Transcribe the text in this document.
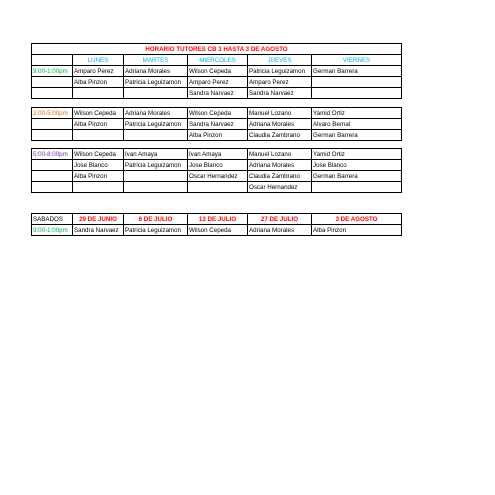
HORARIO TUTORES CB 3 HASTA 3 DE AGOSTO					
	LUNES	MARTES	MIERCOLES	JUEVES	VIERNES
9:00-1:00pm	Amparo Perez	Adriana Morales	Wilson Cepeda	Patricia Leguizamon	German Barrera
	Alba Pinzon	Patricia Leguizamon	Amparo Perez	Amparo Perez	
			Sandra Narvaez	Sandra Narvaez	

2:00-5:00pm	Wilson Cepeda	Adriana Morales	Wilson Cepeda	Manuel Lozano	Yamid Ortiz
	Alba Pinzon	Patricia Leguizamon	Sandra Narvaez	Adriana Morales	Alvaro Bernal
			Alba Pinzon	Claudia Zambrano	German Barrera

5:00-8:00pm	Wilson Cepeda	Ivan Amaya	Ivan Amaya	Manuel Lozano	Yamid Ortiz
	Jose Blanco	Patricia Leguizamon	Jose Blanco	Adriana Morales	Jose Blanco
	Alba Pinzon		Oscar Hernandez	Claudia Zambrano	German Barrera
				Oscar Hernandez	

SABADOS	29 DE JUNIO	6 DE JULIO	13 DE JULIO	27 DE JULIO	3 DE AGOSTO
9:00-1:00pm	Sandra Narvaez	Patricia Leguizamon	Wilson Cepeda	Adriana Morales	Alba Pinzon
